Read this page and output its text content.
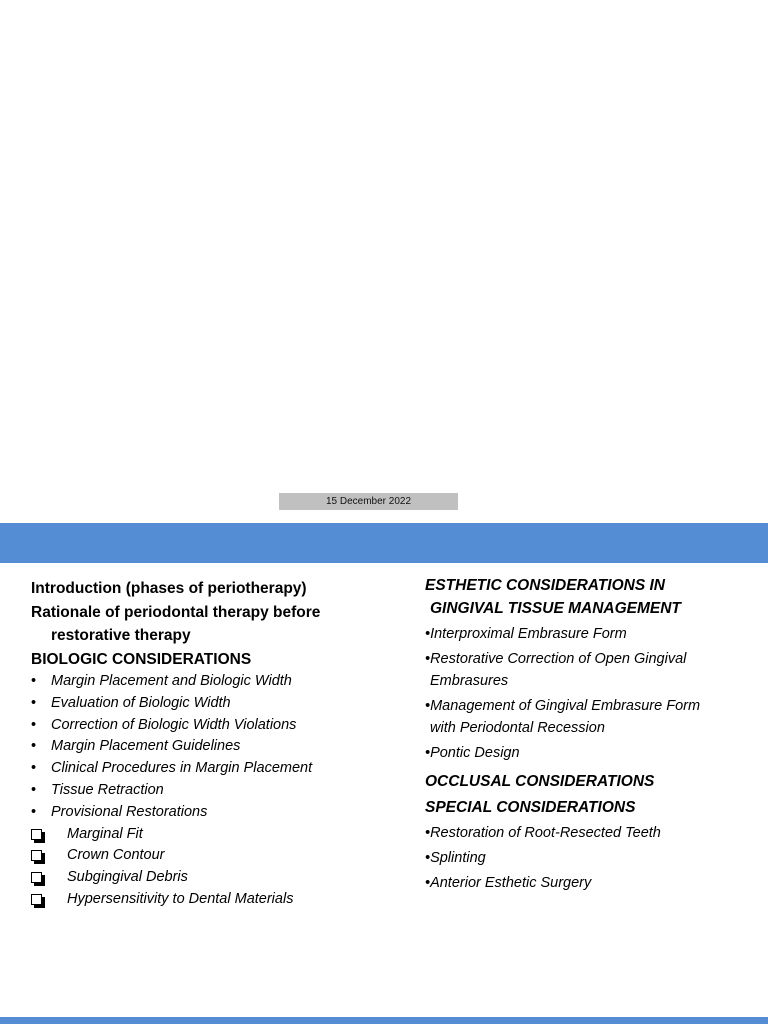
15 December 2022
Introduction (phases of periotherapy)
Rationale of periodontal therapy before
restorative therapy
BIOLOGIC CONSIDERATIONS
• Margin Placement and Biologic Width
• Evaluation of Biologic Width
• Correction of Biologic Width Violations
• Margin Placement Guidelines
• Clinical Procedures in Margin Placement
• Tissue Retraction
• Provisional Restorations
Marginal Fit
Crown Contour
Subgingival Debris
Hypersensitivity to Dental Materials
ESTHETIC CONSIDERATIONS IN
GINGIVAL TISSUE MANAGEMENT
•Interproximal Embrasure Form
•Restorative Correction of Open Gingival
Embrasures
•Management of Gingival Embrasure Form
with Periodontal Recession
•Pontic Design
OCCLUSAL CONSIDERATIONS
SPECIAL CONSIDERATIONS
•Restoration of Root-Resected Teeth
•Splinting
•Anterior Esthetic Surgery
